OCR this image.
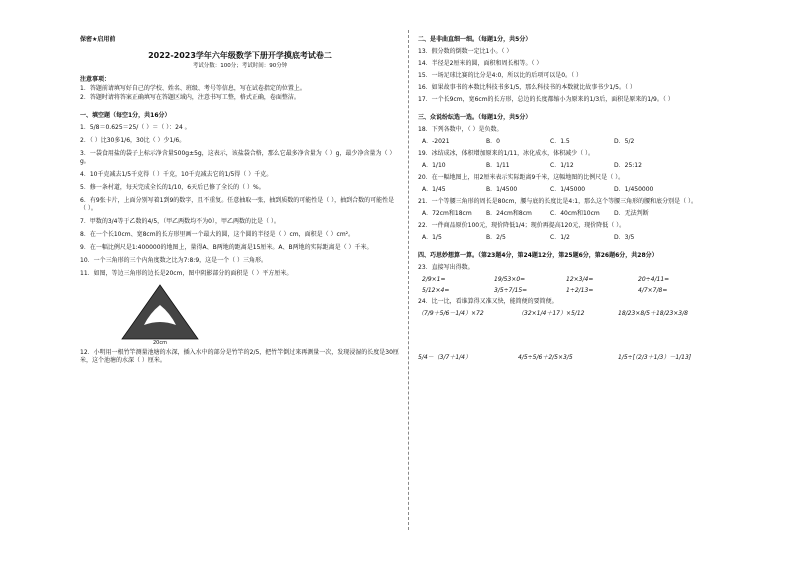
保密★启用前
2022-2023学年六年级数学下册开学摸底考试卷二
考试分数：100分；考试时间：90分钟
注意事项：
1．答题前请填写好自己的学校、姓名、班级、考号等信息，写在试卷指定的位置上。
2．答题时请将答案正确填写在答题区域内，注意书写工整，格式正确，卷面整洁。
一、填空题（每空1分，共16分）
1．5/8＝0.625＝25/（ ）＝（ ）：24 。
2．（ ）比30多1/6，30比（ ）少1/6。
3．一袋食用盐的袋子上标示净含量500g±5g，这表示，该盐袋合格，那么它最多净含量为（ ）g，最少净含量为（ ）g。
4．10千克减去1/5千克得（ ）千克，10千克减去它的1/5得（ ）千克。
5．修一条村道，每天完成全长的1/10，6天后已修了全长的（ ）%。
6．有9张卡片，上面分别写着1到9的数字，且不重复。任意抽取一张，抽到质数的可能性是（ ），抽到合数的可能性是（ ）。
7．甲数的3/4等于乙数的4/5，（甲乙两数均不为0），甲乙两数的比是（ ）。
8．在一个长10cm、宽8cm的长方形里画一个最大的圆，这个圆的半径是（ ）cm，面积是（ ）cm²。
9．在一幅比例尺是1:400000的地图上，量得A、B两地的距离是15厘米。A、B两地的实际距离是（ ）千米。
10．一个三角形的三个内角度数之比为7:8:9，这是一个（ ）三角形。
11．如图，等边三角形的边长是20cm，图中阴影部分的面积是（ ）平方厘米。
20cm
12．小明用一根竹竿测量池塘的水深，插入水中的部分是竹竿的2/5，把竹竿倒过来再测量一次，发现浸湿的长度是30厘米，这个池塘的水深（ ）厘米。
二、是非曲直细一细。（每题1分，共5分）
13．假分数的倒数一定比1小。（ ）
14．半径是2厘米的圆，面积和周长相等。（ ）
15．一场足球比赛的比分是4:0，所以比的后项可以是0。（ ）
16．如果故事书的本数比科技书多1/5，那么科技书的本数就比故事书少1/5。（ ）
17．一个长9cm，宽6cm的长方形，总边的长度都缩小为原来的1/3后，面积是原来的1/9。（ ）
三、众说纷纭选一选。（每题1分，共5分）
18．下列各数中，（ ）是负数。
A．-2021	B．0	C．1.5	D．5/2
19．冰结成冰，体积增加原来的1/11，冰化成水，体积减少（ ）。
A．1/10	B．1/11	C．1/12	D．25:12
20．在一幅地图上，用2厘米表示实际距离9千米，这幅地图的比例尺是（ ）。
A．1/45	B．1/4500	C．1/45000	D．1/450000
21．一个等腰三角形的周长是80cm，腰与底的长度比是4:1，那么这个等腰三角形的腰和底分别是（ ）。
A．72cm和18cm	B．24cm和8cm	C．40cm和10cm	D．无法判断
22．一件商品原价100元，现价降低1/4；现价再提高120元，现价降低（ ）。
A．1/5	B．2/5	C．1/2	D．3/5
四、巧思妙想算一算。（第23题4分，第24题12分，第25题6分，第26题6分，共28分）
23．直接写出得数。
2/9×1=	19/53×0=	12×3/4=	20÷4/11=
5/12×4=	3/5÷7/15=	1÷2/13=	4/7×7/8=
24．比一比，看谁算得又准又快，能简便的要简便。
（7/9＋5/6－1/4）×72	（32×1/4＋17）×5/12	18/23×8/5＋18/23×3/8
5/4－（3/7＋1/4）	4/5÷5/6＋2/5×3/5	1/5÷[（2/3＋1/3）－1/13]
